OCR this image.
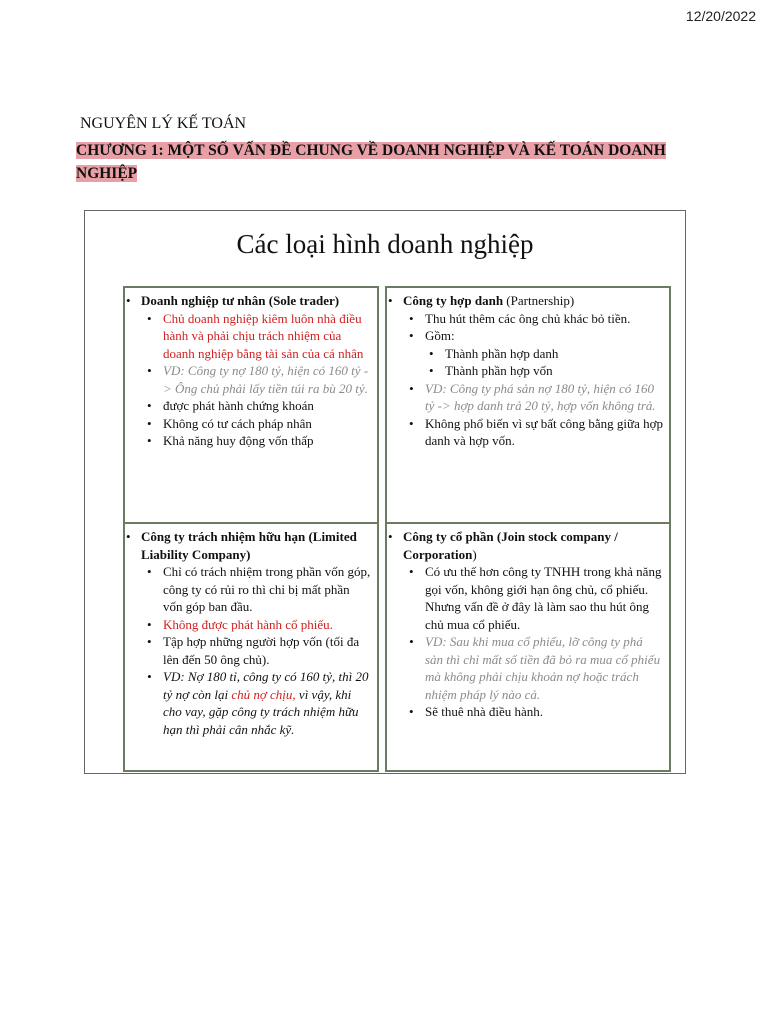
12/20/2022
NGUYÊN LÝ KẾ TOÁN
CHƯƠNG 1: MỘT SỐ VẤN ĐỀ CHUNG VỀ DOANH NGHIỆP VÀ KẾ TOÁN DOANH NGHIỆP
Các loại hình doanh nghiệp
• Doanh nghiệp tư nhân (Sole trader)
• Chủ doanh nghiệp kiêm luôn nhà điều hành và phải chịu trách nhiệm của doanh nghiệp bằng tài sản của cá nhân
• VD: Công ty nợ 180 tỷ, hiện có 160 tỷ -> Ông chủ phải lấy tiền túi ra bù 20 tỷ.
• được phát hành chứng khoán
• Không có tư cách pháp nhân
• Khả năng huy động vốn thấp
• Công ty hợp danh (Partnership)
• Thu hút thêm các ông chủ khác bỏ tiền.
• Gồm:
• Thành phần hợp danh
• Thành phần hợp vốn
• VD: Công ty phá sản nợ 180 tỷ, hiện có 160 tỷ -> hợp danh trả 20 tỷ, hợp vốn không trả.
• Không phổ biến vì sự bất công bằng giữa hợp danh và hợp vốn.
• Công ty trách nhiệm hữu hạn (Limited Liability Company)
• Chỉ có trách nhiệm trong phần vốn góp, công ty có rủi ro thì chỉ bị mất phần vốn góp ban đầu.
• Không được phát hành cổ phiếu.
• Tập hợp những người hợp vốn (tối đa lên đến 50 ông chủ).
• VD: Nợ 180 tỉ, công ty có 160 tỷ, thì 20 tỷ nợ còn lại chủ nợ chịu, vì vậy, khi cho vay, gặp công ty trách nhiệm hữu hạn thì phải cân nhắc kỹ.
• Công ty cổ phần (Join stock company / Corporation)
• Có ưu thế hơn công ty TNHH trong khả năng gọi vốn, không giới hạn ông chủ, cổ phiếu. Nhưng vấn đề ở đây là làm sao thu hút ông chủ mua cổ phiếu.
• VD: Sau khi mua cổ phiếu, lỡ công ty phá sản thì chỉ mất số tiền đã bỏ ra mua cổ phiếu mà không phải chịu khoản nợ hoặc trách nhiệm pháp lý nào cả.
• Sẽ thuê nhà điều hành.
